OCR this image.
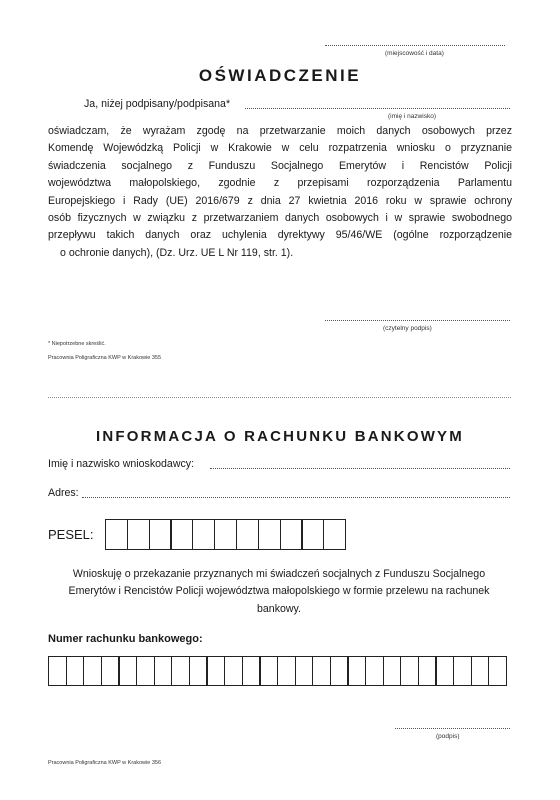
(miejscowość i data)
OŚWIADCZENIE
Ja, niżej podpisany/podpisana*
(imię i nazwisko)
oświadczam, że wyrażam zgodę na przetwarzanie moich danych osobowych przez
Komendę Wojewódzką Policji w Krakowie w celu rozpatrzenia wniosku o przyznanie
świadczenia socjalnego z Funduszu Socjalnego Emerytów i Rencistów Policji
województwa małopolskiego, zgodnie z przepisami rozporządzenia Parlamentu
Europejskiego i Rady (UE) 2016/679 z dnia 27 kwietnia 2016 roku w sprawie ochrony
osób fizycznych w związku z przetwarzaniem danych osobowych i w sprawie swobodnego
przepływu takich danych oraz uchylenia dyrektywy 95/46/WE (ogólne rozporządzenie
o ochronie danych), (Dz. Urz. UE L Nr 119, str. 1).
(czytelny podpis)
* Niepotrzebne skreślić.
Pracownia Poligraficzna KWP w Krakowie 355
INFORMACJA O RACHUNKU BANKOWYM
Imię i nazwisko wnioskodawcy:
Adres:
PESEL:
Wnioskuję o przekazanie przyznanych mi świadczeń socjalnych z Funduszu Socjalnego
Emerytów i Rencistów Policji województwa małopolskiego w formie przelewu na rachunek
bankowy.
Numer rachunku bankowego:
(podpis)
Pracownia Poligraficzna KWP w Krakowie 356
